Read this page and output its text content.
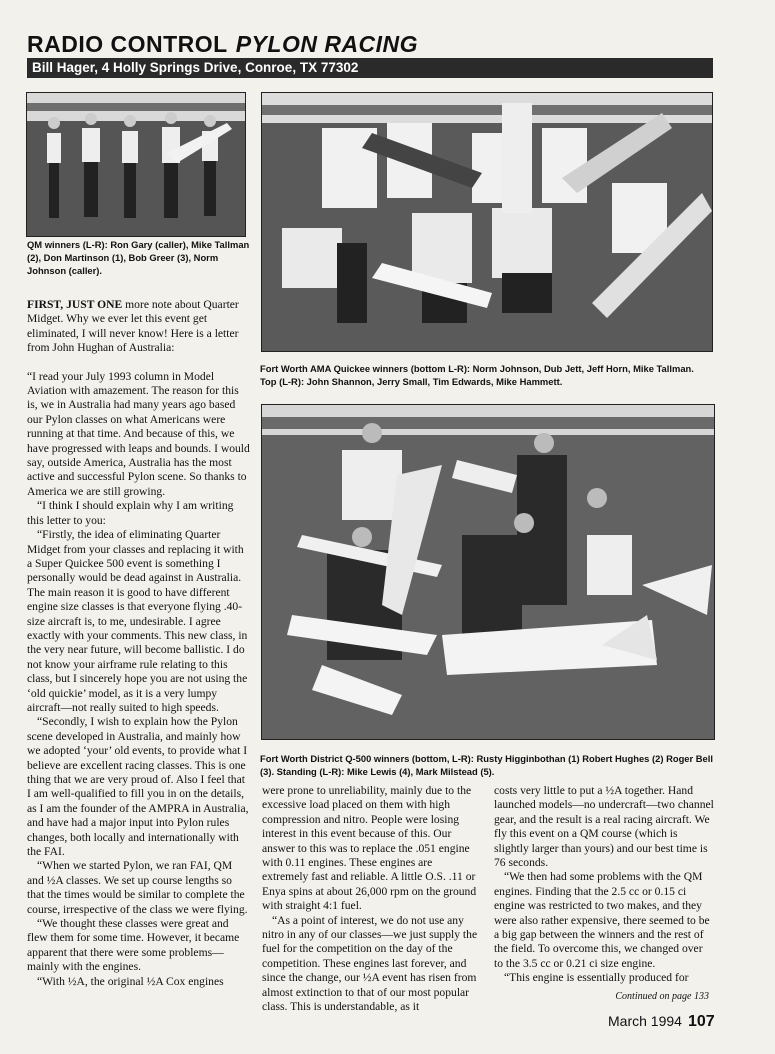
RADIO CONTROL PYLON RACING
Bill Hager, 4 Holly Springs Drive, Conroe, TX 77302
QM winners (L-R): Ron Gary (caller), Mike Tallman (2), Don Martinson (1), Bob Greer (3), Norm Johnson (caller).
Fort Worth AMA Quickee winners (bottom L-R): Norm Johnson, Dub Jett, Jeff Horn, Mike Tallman. Top (L-R): John Shannon, Jerry Small, Tim Edwards, Mike Hammett.
Fort Worth District Q-500 winners (bottom, L-R): Rusty Higginbothan (1) Robert Hughes (2) Roger Bell (3). Standing (L-R): Mike Lewis (4), Mark Milstead (5).

FIRST, JUST ONE more note about Quarter Midget. Why we ever let this event get eliminated, I will never know! Here is a letter from John Hughan of Australia:

“I read your July 1993 column in Model Aviation with amazement. The reason for this is, we in Australia had many years ago based our Pylon classes on what Americans were running at that time. And because of this, we have progressed with leaps and bounds. I would say, outside America, Australia has the most active and successful Pylon scene. So thanks to America we are still growing.

“I think I should explain why I am writing this letter to you:

“Firstly, the idea of eliminating Quarter Midget from your classes and replacing it with a Super Quickee 500 event is something I personally would be dead against in Australia. The main reason it is good to have different engine size classes is that everyone flying .40-size aircraft is, to me, undesirable. I agree exactly with your comments. This new class, in the very near future, will become ballistic. I do not know your airframe rule relating to this class, but I sincerely hope you are not using the ‘old quickie’ model, as it is a very lumpy aircraft—not really suited to high speeds.

“Secondly, I wish to explain how the Pylon scene developed in Australia, and mainly how we adopted ‘your’ old events, to provide what I believe are excellent racing classes. This is one thing that we are very proud of. Also I feel that I am well-qualified to fill you in on the details, as I am the founder of the AMPRA in Australia, and have had a major input into Pylon rules changes, both locally and internationally with the FAI.

“When we started Pylon, we ran FAI, QM and ½A classes. We set up course lengths so that the times would be similar to complete the course, irrespective of the class we were flying.

“We thought these classes were great and flew them for some time. However, it became apparent that there were some problems—mainly with the engines.

“With ½A, the original ½A Cox engines

were prone to unreliability, mainly due to the excessive load placed on them with high compression and nitro. People were losing interest in this event because of this. Our answer to this was to replace the .051 engine with 0.11 engines. These engines are extremely fast and reliable. A little O.S. .11 or Enya spins at about 26,000 rpm on the ground with straight 4:1 fuel.

“As a point of interest, we do not use any nitro in any of our classes—we just supply the fuel for the competition on the day of the competition. These engines last forever, and since the change, our ½A event has risen from almost extinction to that of our most popular class. This is understandable, as it

costs very little to put a ½A together. Hand launched models—no undercraft—two channel gear, and the result is a real racing aircraft. We fly this event on a QM course (which is slightly larger than yours) and our best time is 76 seconds.

“We then had some problems with the QM engines. Finding that the 2.5 cc or 0.15 ci engine was restricted to two makes, and they were also rather expensive, there seemed to be a big gap between the winners and the rest of the field. To overcome this, we changed over to the 3.5 cc or 0.21 ci size engine.

“This engine is essentially produced for

Continued on page 133
March 1994 107
